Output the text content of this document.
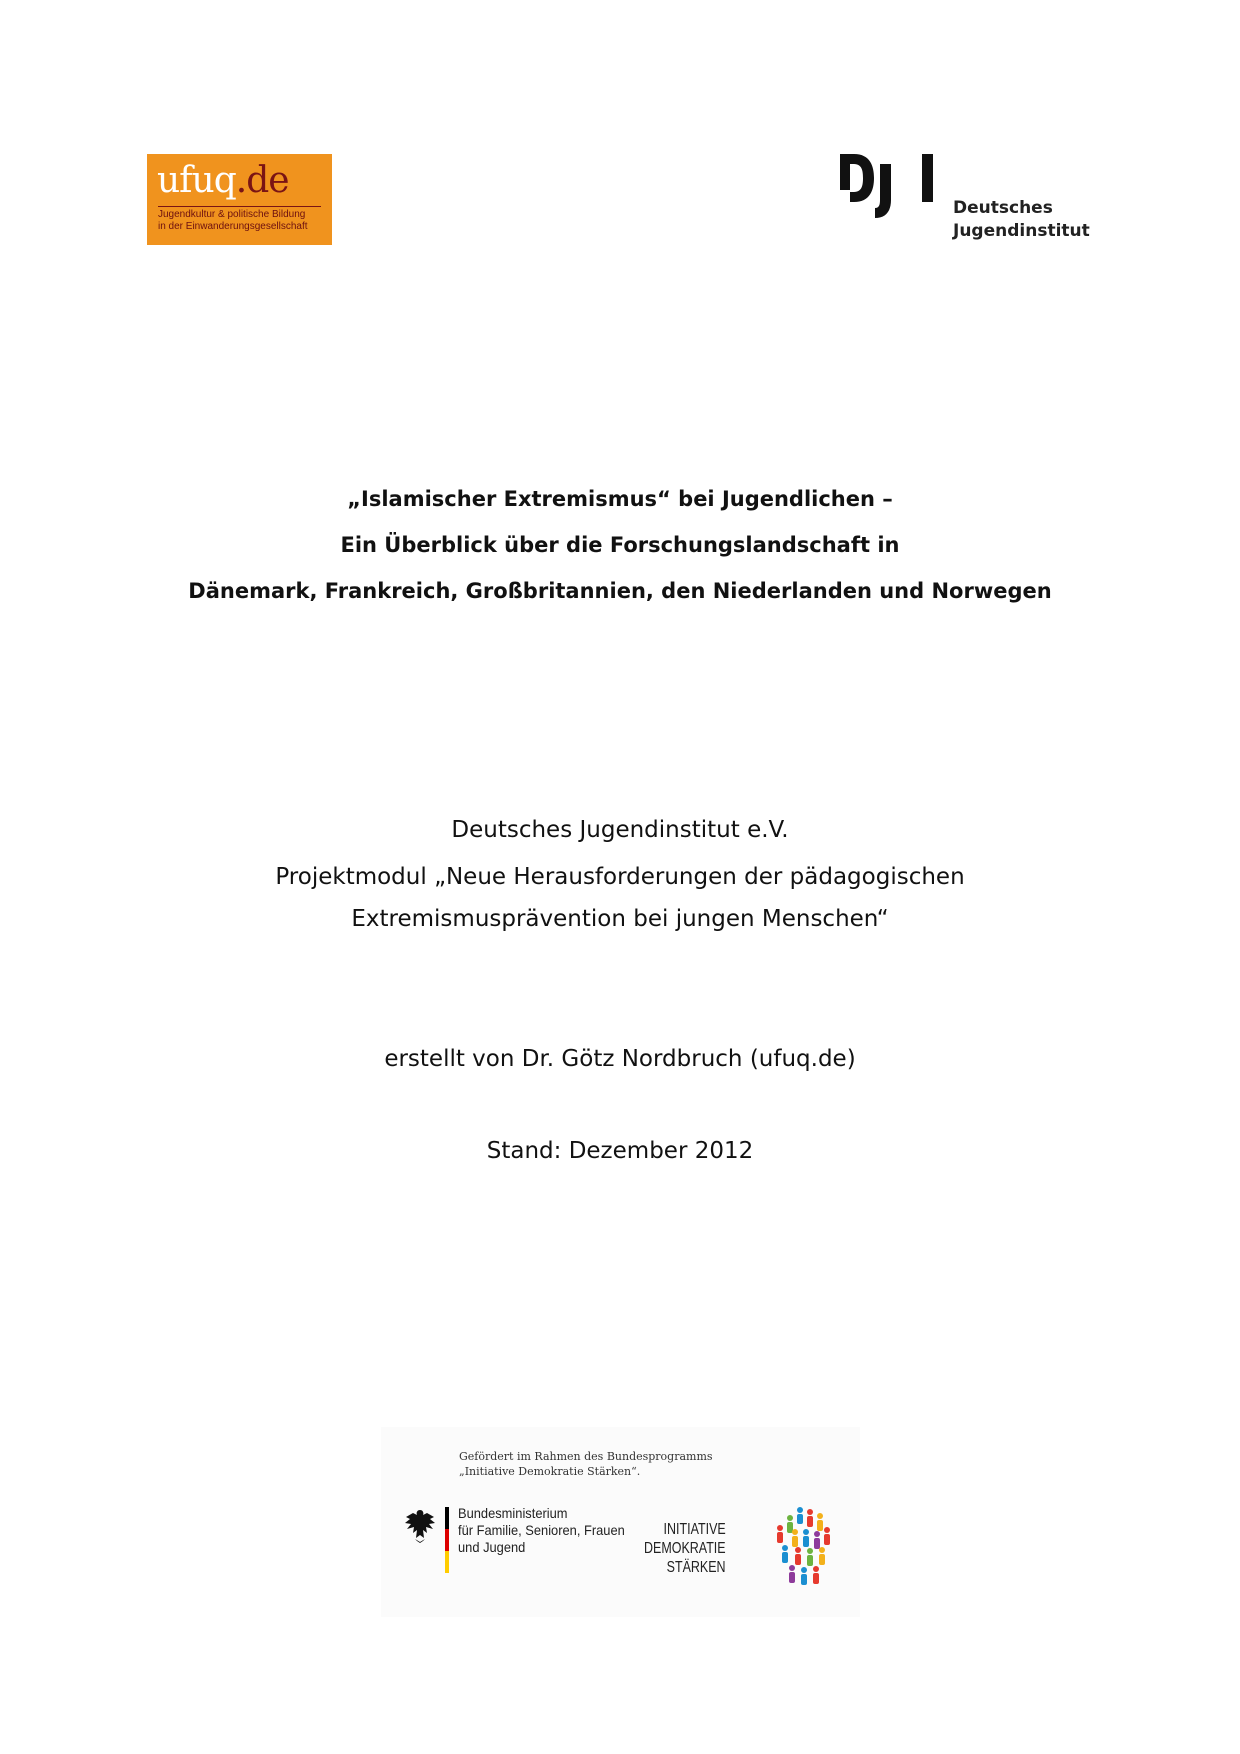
ufuq.de
Jugendkultur & politische Bildung
in der Einwanderungsgesellschaft
Deutsches
Jugendinstitut
„Islamischer Extremismus“ bei Jugendlichen –
Ein Überblick über die Forschungslandschaft in
Dänemark, Frankreich, Großbritannien, den Niederlanden und Norwegen
Deutsches Jugendinstitut e.V.
Projektmodul „Neue Herausforderungen der pädagogischen
Extremismusprävention bei jungen Menschen“
erstellt von Dr. Götz Nordbruch (ufuq.de)
Stand: Dezember 2012
Gefördert im Rahmen des Bundesprogramms
„Initiative Demokratie Stärken“.
Bundesministerium
für Familie, Senioren, Frauen
und Jugend
INITIATIVE
DEMOKRATIE
STÄRKEN
